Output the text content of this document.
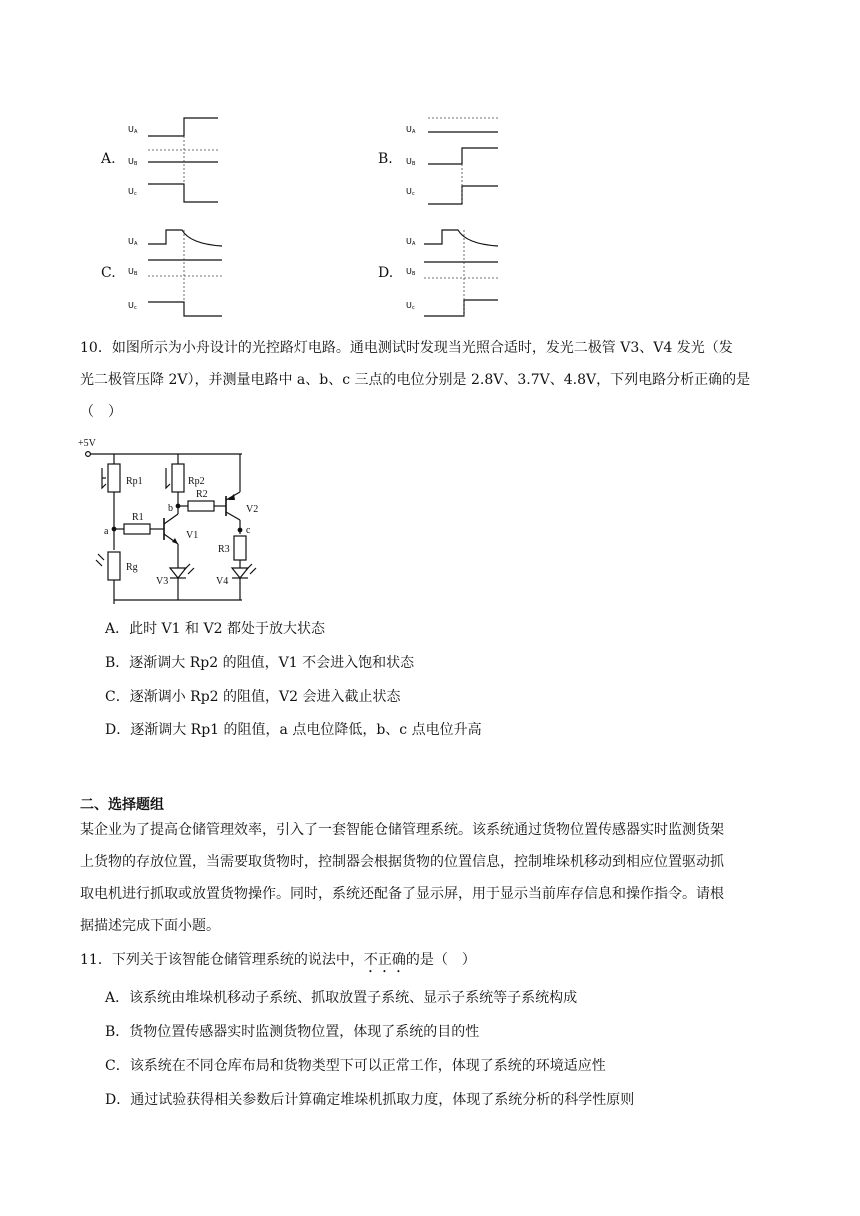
A.	B.
C.	D.
U A
U B
U c
U A
U B
U c
U A
U B
U c
U A
U B
U c
10．如图所示为小舟设计的光控路灯电路。通电测试时发现当光照合适时，发光二极管 V3、V4 发光（发
光二极管压降 2V），并测量电路中 a、b、c 三点的电位分别是 2.8V、3.7V、4.8V，下列电路分析正确的是
（　）
+5V
Rp1
a
R1
V1
Rg
Rp2
b
R2
V2
V3
c
R3
V4
A．此时 V1 和 V2 都处于放大状态
B．逐渐调大 Rp2 的阻值，V1 不会进入饱和状态
C．逐渐调小 Rp2 的阻值，V2 会进入截止状态
D．逐渐调大 Rp1 的阻值，a 点电位降低，b、c 点电位升高
二、选择题组
某企业为了提高仓储管理效率，引入了一套智能仓储管理系统。该系统通过货物位置传感器实时监测货架
上货物的存放位置，当需要取货物时，控制器会根据货物的位置信息，控制堆垛机移动到相应位置驱动抓
取电机进行抓取或放置货物操作。同时，系统还配备了显示屏，用于显示当前库存信息和操作指令。请根
据描述完成下面小题。
11．下列关于该智能仓储管理系统的说法中，不正确的是（　）
A．该系统由堆垛机移动子系统、抓取放置子系统、显示子系统等子系统构成
B．货物位置传感器实时监测货物位置，体现了系统的目的性
C．该系统在不同仓库布局和货物类型下可以正常工作，体现了系统的环境适应性
D．通过试验获得相关参数后计算确定堆垛机抓取力度，体现了系统分析的科学性原则
